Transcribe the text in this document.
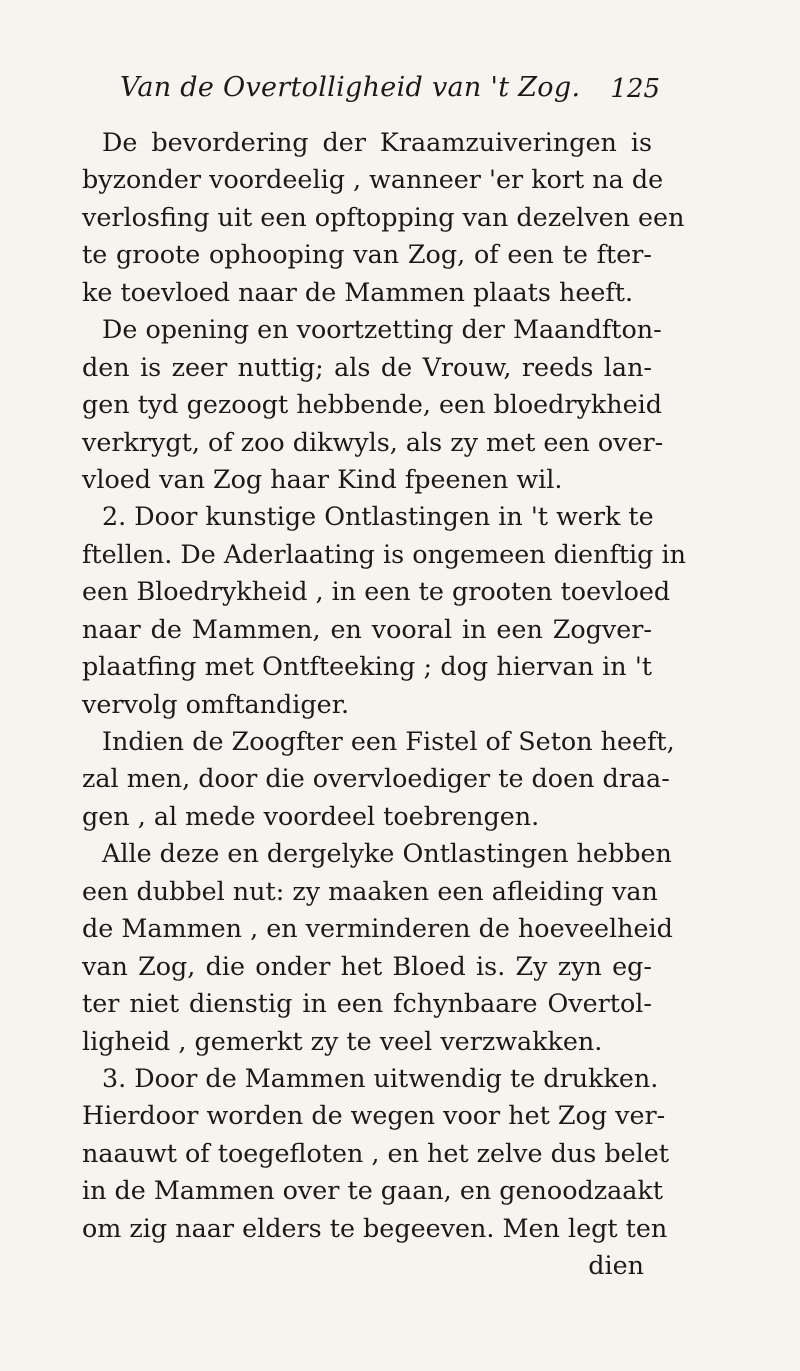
Van de Overtolligheid van 't Zog. 125
De bevordering der Kraamzuiveringen is
byzonder voordeelig , wanneer 'er kort na de
verlosfing uit een opftopping van dezelven een
te groote ophooping van Zog, of een te fter-
ke toevloed naar de Mammen plaats heeft.
De opening en voortzetting der Maandfton-
den is zeer nuttig; als de Vrouw, reeds lan-
gen tyd gezoogt hebbende, een bloedrykheid
verkrygt, of zoo dikwyls, als zy met een over-
vloed van Zog haar Kind fpeenen wil.
2. Door kunstige Ontlastingen in 't werk te
ftellen. De Aderlaating is ongemeen dienftig in
een Bloedrykheid , in een te grooten toevloed
naar de Mammen, en vooral in een Zogver-
plaatfing met Ontfteeking ; dog hiervan in 't
vervolg omftandiger.
Indien de Zoogfter een Fistel of Seton heeft,
zal men, door die overvloediger te doen draa-
gen , al mede voordeel toebrengen.
Alle deze en dergelyke Ontlastingen hebben
een dubbel nut: zy maaken een afleiding van
de Mammen , en verminderen de hoeveelheid
van Zog, die onder het Bloed is. Zy zyn eg-
ter niet dienstig in een fchynbaare Overtol-
ligheid , gemerkt zy te veel verzwakken.
3. Door de Mammen uitwendig te drukken.
Hierdoor worden de wegen voor het Zog ver-
naauwt of toegefloten , en het zelve dus belet
in de Mammen over te gaan, en genoodzaakt
om zig naar elders te begeeven. Men legt ten
dien
